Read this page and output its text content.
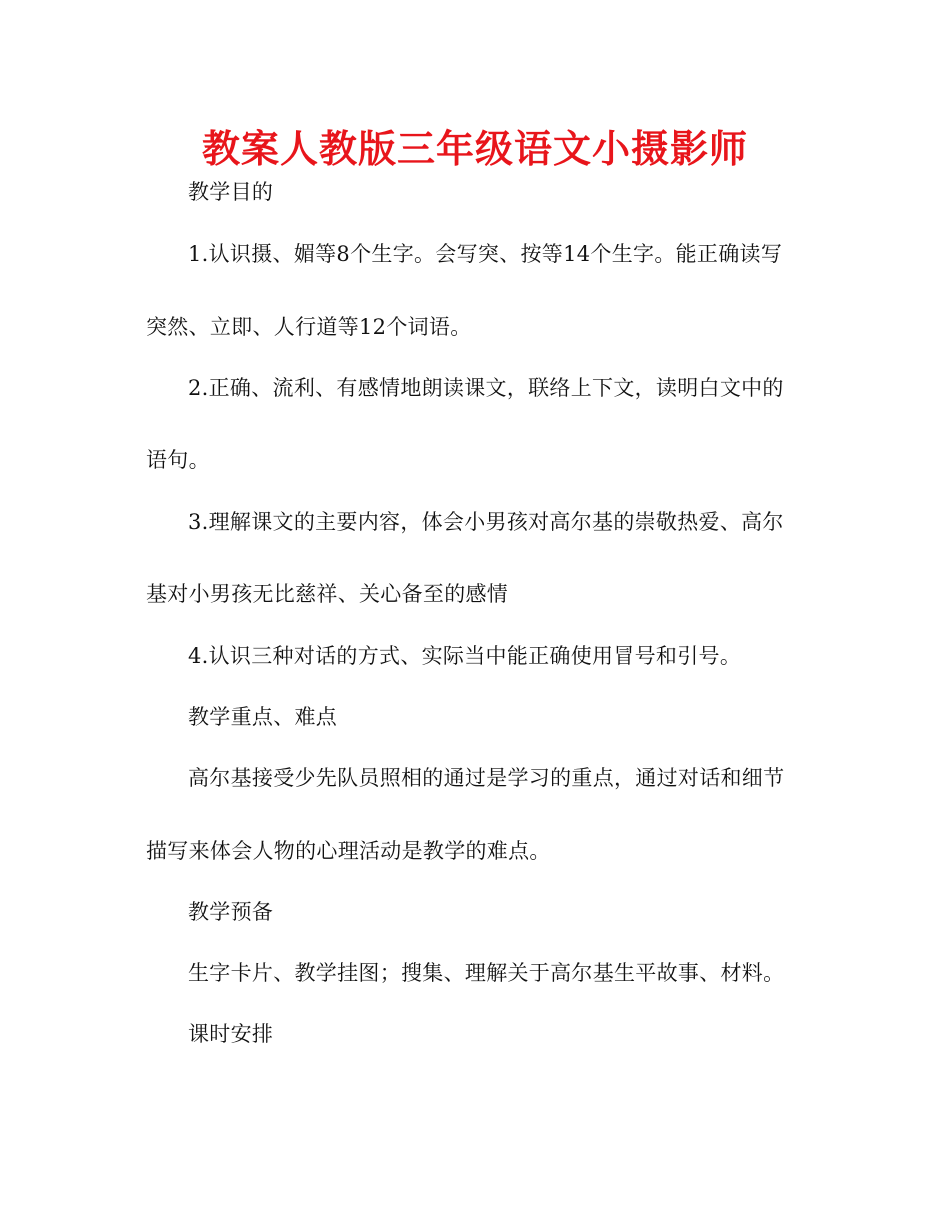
教案人教版三年级语文小摄影师
教学目的
1.认识摄、媚等8个生字。会写突、按等14个生字。能正确读写
突然、立即、人行道等12个词语。
2.正确、流利、有感情地朗读课文，联络上下文，读明白文中的
语句。
3.理解课文的主要内容，体会小男孩对高尔基的崇敬热爱、高尔
基对小男孩无比慈祥、关心备至的感情
4.认识三种对话的方式、实际当中能正确使用冒号和引号。
教学重点、难点
高尔基接受少先队员照相的通过是学习的重点，通过对话和细节
描写来体会人物的心理活动是教学的难点。
教学预备
生字卡片、教学挂图；搜集、理解关于高尔基生平故事、材料。
课时安排
